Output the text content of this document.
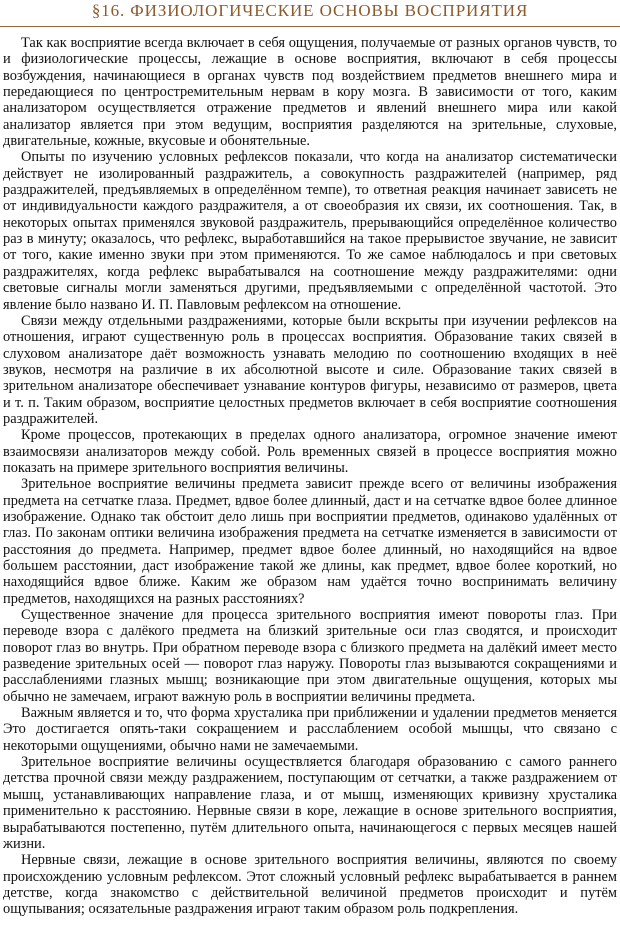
§16. ФИЗИОЛОГИЧЕСКИЕ ОСНОВЫ ВОСПРИЯТИЯ

Так как восприятие всегда включает в себя ощущения, получаемые от разных органов чувств, то и физиологические процессы, лежащие в основе восприятия, включают в себя процессы возбуждения, начинающиеся в органах чувств под воздействием предметов внешнего мира и передающиеся по центростремительным нервам в кору мозга. В зависимости от того, каким анализатором осуществляется отражение предметов и явлений внешнего мира или какой анализатор является при этом ведущим, восприятия разделяются на зрительные, слуховые, двигательные, кожные, вкусовые и обонятельные.

Опыты по изучению условных рефлексов показали, что когда на анализатор систематически действует не изолированный раздражитель, а совокупность раздражителей (например, ряд раздражителей, предъявляемых в определённом темпе), то ответная реакция начинает зависеть не от индивидуальности каждого раздражителя, а от своеобразия их связи, их соотношения. Так, в некоторых опытах применялся звуковой раздражитель, прерывающийся определённое количество раз в минуту; оказалось, что рефлекс, выработавшийся на такое прерывистое звучание, не зависит от того, какие именно звуки при этом применяются. То же самое наблюдалось и при световых раздражителях, когда рефлекс вырабатывался на соотношение между раздражителями: одни световые сигналы могли заменяться другими, предъявляемыми с определённой частотой. Это явление было названо И. П. Павловым рефлексом на отношение.

Связи между отдельными раздражениями, которые были вскрыты при изучении рефлексов на отношения, играют существенную роль в процессах восприятия. Образование таких связей в слуховом анализаторе даёт возможность узнавать мелодию по соотношению входящих в неё звуков, несмотря на различие в их абсолютной высоте и силе. Образование таких связей в зрительном анализаторе обеспечивает узнавание контуров фигуры, независимо от размеров, цвета и т. п. Таким образом, восприятие целостных предметов включает в себя восприятие соотношения раздражителей.

Кроме процессов, протекающих в пределах одного анализатора, огромное значение имеют взаимосвязи анализаторов между собой. Роль временных связей в процессе восприятия можно показать на примере зрительного восприятия величины.

Зрительное восприятие величины предмета зависит прежде всего от величины изображения предмета на сетчатке глаза. Предмет, вдвое более длинный, даст и на сетчатке вдвое более длинное изображение. Однако так обстоит дело лишь при восприятии предметов, одинаково удалённых от глаз. По законам оптики величина изображения предмета на сетчатке изменяется в зависимости от расстояния до предмета. Например, предмет вдвое более длинный, но находящийся на вдвое большем расстоянии, даст изображение такой же длины, как предмет, вдвое более короткий, но находящийся вдвое ближе. Каким же образом нам удаётся точно воспринимать величину предметов, находящихся на разных расстояниях?

Существенное значение для процесса зрительного восприятия имеют повороты глаз. При переводе взора с далёкого предмета на близкий зрительные оси глаз сводятся, и происходит поворот глаз во внутрь. При обратном переводе взора с близкого предмета на далёкий имеет место разведение зрительных осей — поворот глаз наружу. Повороты глаз вызываются сокращениями и расслаблениями глазных мышц; возникающие при этом двигательные ощущения, которых мы обычно не замечаем, играют важную роль в восприятии величины предмета.

Важным является и то, что форма хрусталика при приближении и удалении предметов меняется Это достигается опять-таки сокращением и расслаблением особой мышцы, что связано с некоторыми ощущениями, обычно нами не замечаемыми.

Зрительное восприятие величины осуществляется благодаря образованию с самого раннего детства прочной связи между раздражением, поступающим от сетчатки, а также раздражением от мышц, устанавливающих направление глаза, и от мышц, изменяющих кривизну хрусталика применительно к расстоянию. Нервные связи в коре, лежащие в основе зрительного восприятия, вырабатываются постепенно, путём длительного опыта, начинающегося с первых месяцев нашей жизни.

Нервные связи, лежащие в основе зрительного восприятия величины, являются по своему происхождению условным рефлексом. Этот сложный условный рефлекс вырабатывается в раннем детстве, когда знакомство с действительной величиной предметов происходит и путём ощупывания; осязательные раздражения играют таким образом роль подкрепления.
